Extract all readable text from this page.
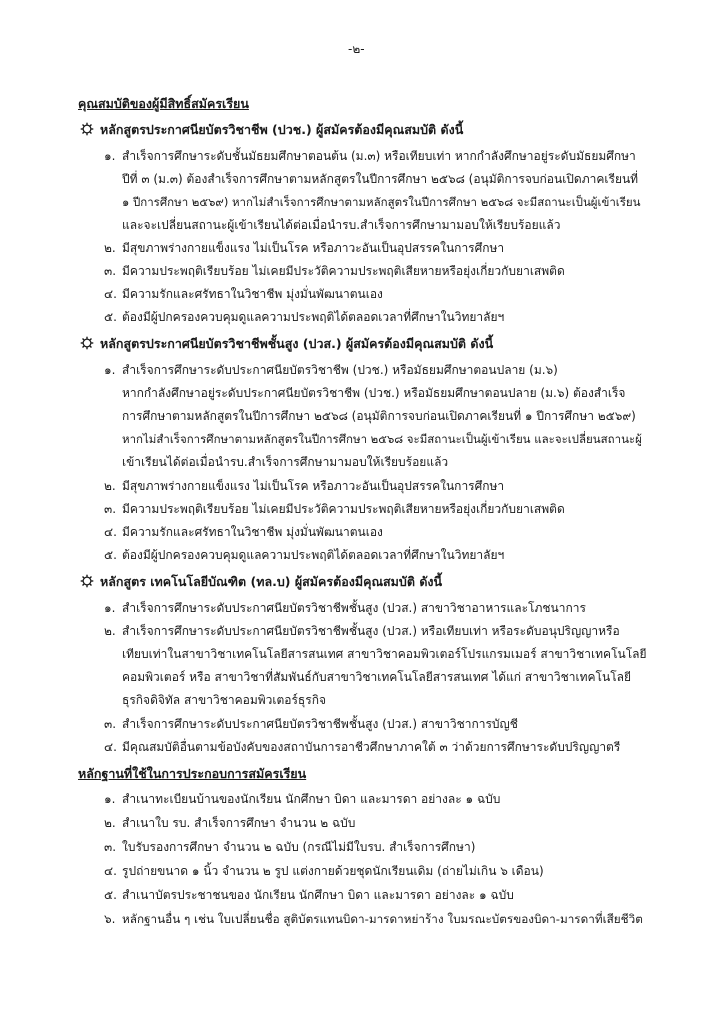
-๒-
คุณสมบัติของผู้มีสิทธิ์สมัครเรียน
หลักสูตรประกาศนียบัตรวิชาชีพ (ปวช.) ผู้สมัครต้องมีคุณสมบัติ ดังนี้
๑. สำเร็จการศึกษาระดับชั้นมัธยมศึกษาตอนต้น (ม.๓) หรือเทียบเท่า หากกำลังศึกษาอยู่ระดับมัธยมศึกษา
ปีที่ ๓ (ม.๓) ต้องสำเร็จการศึกษาตามหลักสูตรในปีการศึกษา ๒๕๖๘ (อนุมัติการจบก่อนเปิดภาคเรียนที่
๑ ปีการศึกษา ๒๕๖๙) หากไม่สำเร็จการศึกษาตามหลักสูตรในปีการศึกษา ๒๕๖๘ จะมีสถานะเป็นผู้เข้าเรียน
และจะเปลี่ยนสถานะผู้เข้าเรียนได้ต่อเมื่อนำรบ.สำเร็จการศึกษามามอบให้เรียบร้อยแล้ว
๒. มีสุขภาพร่างกายแข็งแรง ไม่เป็นโรค หรือภาวะอันเป็นอุปสรรคในการศึกษา
๓. มีความประพฤติเรียบร้อย ไม่เคยมีประวัติความประพฤติเสียหายหรือยุ่งเกี่ยวกับยาเสพติด
๔. มีความรักและศรัทธาในวิชาชีพ มุ่งมั่นพัฒนาตนเอง
๕. ต้องมีผู้ปกครองควบคุมดูแลความประพฤติได้ตลอดเวลาที่ศึกษาในวิทยาลัยฯ
หลักสูตรประกาศนียบัตรวิชาชีพชั้นสูง (ปวส.) ผู้สมัครต้องมีคุณสมบัติ ดังนี้
๑. สำเร็จการศึกษาระดับประกาศนียบัตรวิชาชีพ (ปวช.) หรือมัธยมศึกษาตอนปลาย (ม.๖)
หากกำลังศึกษาอยู่ระดับประกาศนียบัตรวิชาชีพ (ปวช.) หรือมัธยมศึกษาตอนปลาย (ม.๖) ต้องสำเร็จ
การศึกษาตามหลักสูตรในปีการศึกษา ๒๕๖๘ (อนุมัติการจบก่อนเปิดภาคเรียนที่ ๑ ปีการศึกษา ๒๕๖๙)
หากไม่สำเร็จการศึกษาตามหลักสูตรในปีการศึกษา ๒๕๖๘ จะมีสถานะเป็นผู้เข้าเรียน และจะเปลี่ยนสถานะผู้
เข้าเรียนได้ต่อเมื่อนำรบ.สำเร็จการศึกษามามอบให้เรียบร้อยแล้ว
๒. มีสุขภาพร่างกายแข็งแรง ไม่เป็นโรค หรือภาวะอันเป็นอุปสรรคในการศึกษา
๓. มีความประพฤติเรียบร้อย ไม่เคยมีประวัติความประพฤติเสียหายหรือยุ่งเกี่ยวกับยาเสพติด
๔. มีความรักและศรัทธาในวิชาชีพ มุ่งมั่นพัฒนาตนเอง
๕. ต้องมีผู้ปกครองควบคุมดูแลความประพฤติได้ตลอดเวลาที่ศึกษาในวิทยาลัยฯ
หลักสูตร เทคโนโลยีบัณฑิต (ทล.บ) ผู้สมัครต้องมีคุณสมบัติ ดังนี้
๑. สำเร็จการศึกษาระดับประกาศนียบัตรวิชาชีพชั้นสูง (ปวส.) สาขาวิชาอาหารและโภชนาการ
๒. สำเร็จการศึกษาระดับประกาศนียบัตรวิชาชีพชั้นสูง (ปวส.) หรือเทียบเท่า หรือระดับอนุปริญญาหรือ
เทียบเท่าในสาขาวิชาเทคโนโลยีสารสนเทศ สาขาวิชาคอมพิวเตอร์โปรแกรมเมอร์ สาขาวิชาเทคโนโลยี
คอมพิวเตอร์ หรือ สาขาวิชาที่สัมพันธ์กับสาขาวิชาเทคโนโลยีสารสนเทศ ได้แก่ สาขาวิชาเทคโนโลยี
ธุรกิจดิจิทัล สาขาวิชาคอมพิวเตอร์ธุรกิจ
๓. สำเร็จการศึกษาระดับประกาศนียบัตรวิชาชีพชั้นสูง (ปวส.) สาขาวิชาการบัญชี
๔. มีคุณสมบัติอื่นตามข้อบังคับของสถาบันการอาชีวศึกษาภาคใต้ ๓ ว่าด้วยการศึกษาระดับปริญญาตรี
หลักฐานที่ใช้ในการประกอบการสมัครเรียน
๑. สำเนาทะเบียนบ้านของนักเรียน นักศึกษา บิดา และมารดา อย่างละ ๑ ฉบับ
๒. สำเนาใบ รบ. สำเร็จการศึกษา จำนวน ๒ ฉบับ
๓. ใบรับรองการศึกษา จำนวน ๒ ฉบับ (กรณีไม่มีใบรบ. สำเร็จการศึกษา)
๔. รูปถ่ายขนาด ๑ นิ้ว จำนวน ๒ รูป แต่งกายด้วยชุดนักเรียนเดิม (ถ่ายไม่เกิน ๖ เดือน)
๕. สำเนาบัตรประชาชนของ นักเรียน นักศึกษา บิดา และมารดา อย่างละ ๑ ฉบับ
๖. หลักฐานอื่น ๆ เช่น ใบเปลี่ยนชื่อ สูติบัตรแทนบิดา-มารดาหย่าร้าง ใบมรณะบัตรของบิดา-มารดาที่เสียชีวิต
